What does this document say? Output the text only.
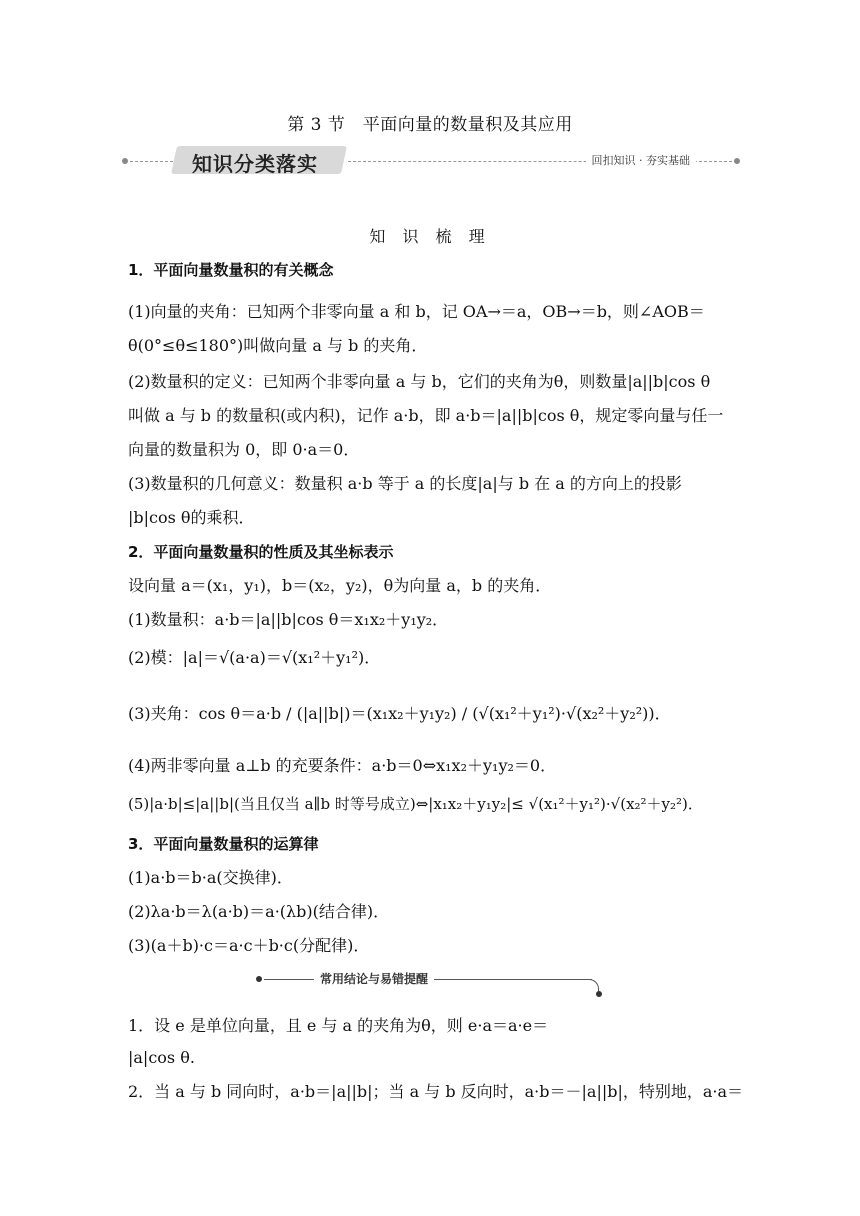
第 3 节　平面向量的数量积及其应用
知识分类落实	回扣知识 · 夯实基础
知 识 梳 理
1．平面向量数量积的有关概念
(1)向量的夹角：已知两个非零向量 a 和 b，记 OA→＝a，OB→＝b，则∠AOB＝
θ(0°≤θ≤180°)叫做向量 a 与 b 的夹角．
(2)数量积的定义：已知两个非零向量 a 与 b，它们的夹角为θ，则数量|a||b|cos θ
叫做 a 与 b 的数量积(或内积)，记作 a·b，即 a·b＝|a||b|cos θ，规定零向量与任一
向量的数量积为 0，即 0·a＝0．
(3)数量积的几何意义：数量积 a·b 等于 a 的长度|a|与 b 在 a 的方向上的投影
|b|cos θ的乘积．
2．平面向量数量积的性质及其坐标表示
设向量 a＝(x₁，y₁)，b＝(x₂，y₂)，θ为向量 a，b 的夹角．
(1)数量积：a·b＝|a||b|cos θ＝x₁x₂＋y₁y₂．
(2)模：|a|＝√(a·a)＝√(x₁²＋y₁²)．
(3)夹角：cos θ＝a·b / (|a||b|)＝(x₁x₂＋y₁y₂) / (√(x₁²＋y₁²)·√(x₂²＋y₂²))．
(4)两非零向量 a⊥b 的充要条件：a·b＝0⇔x₁x₂＋y₁y₂＝0．
(5)|a·b|≤|a||b|(当且仅当 a∥b 时等号成立)⇔|x₁x₂＋y₁y₂|≤ √(x₁²＋y₁²)·√(x₂²＋y₂²)．
3．平面向量数量积的运算律
(1)a·b＝b·a(交换律)．
(2)λa·b＝λ(a·b)＝a·(λb)(结合律)．
(3)(a＋b)·c＝a·c＋b·c(分配律)．
常用结论与易错提醒
1．设 e 是单位向量，且 e 与 a 的夹角为θ，则 e·a＝a·e＝
|a|cos θ.
2．当 a 与 b 同向时，a·b＝|a||b|；当 a 与 b 反向时，a·b＝－|a||b|，特别地，a·a＝
